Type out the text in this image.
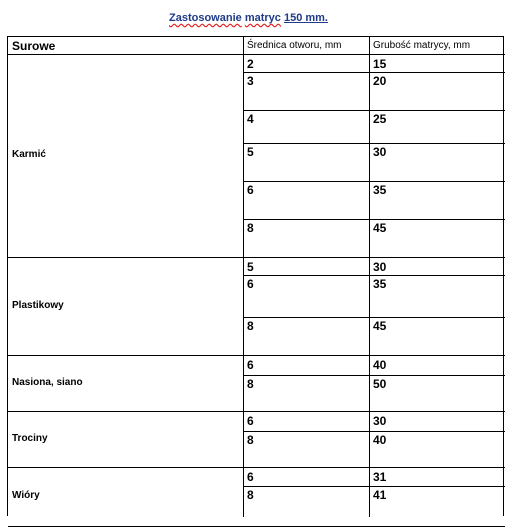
Zastosowanie matryc 150 mm.
Surowe	Średnica otworu, mm	Grubość matrycy, mm
Karmić
2	15
3	20
4	25
5	30
6	35
8	45
Plastikowy
5	30
6	35
8	45
Nasiona, siano
6	40
8	50
Trociny
6	30
8	40
Wióry
6	31
8	41
